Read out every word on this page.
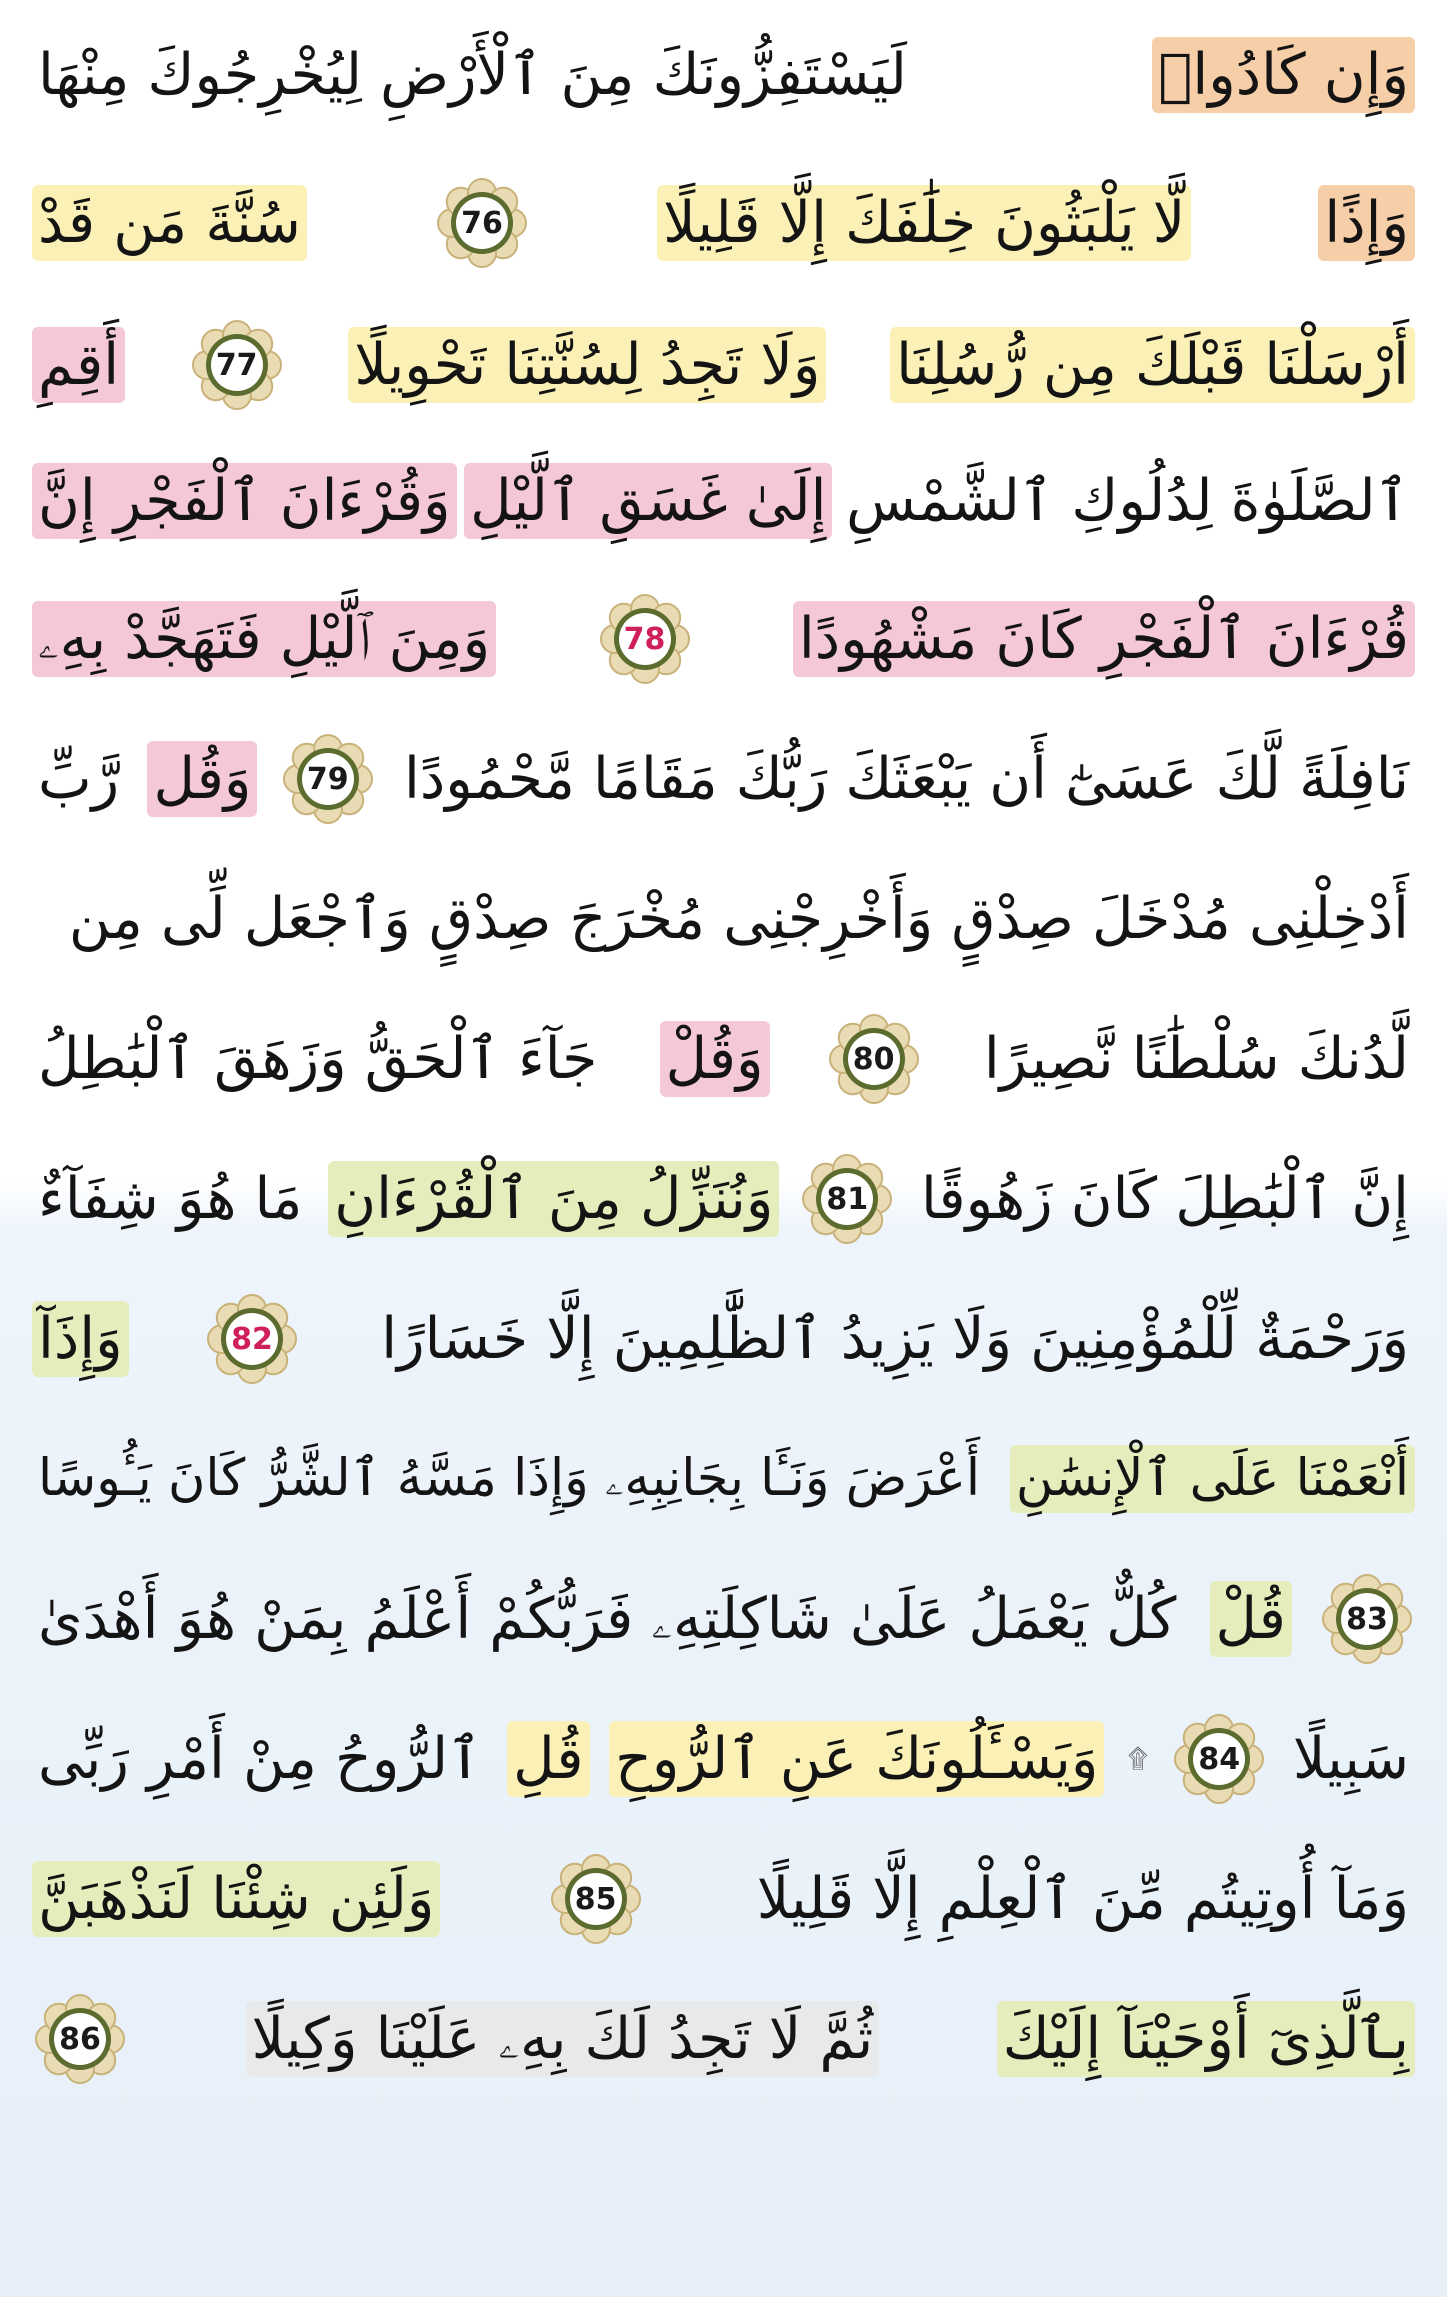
وَإِن كَادُوا۟
لَيَسْتَفِزُّونَكَ مِنَ ٱلْأَرْضِ لِيُخْرِجُوكَ مِنْهَا
وَإِذًا
لَّا يَلْبَثُونَ خِلَٰفَكَ إِلَّا قَلِيلًا
76
سُنَّةَ مَن قَدْ
أَرْسَلْنَا قَبْلَكَ مِن رُّسُلِنَا
وَلَا تَجِدُ لِسُنَّتِنَا تَحْوِيلًا
77
أَقِمِ
ٱلصَّلَوٰةَ لِدُلُوكِ ٱلشَّمْسِ
إِلَىٰ غَسَقِ ٱلَّيْلِ
وَقُرْءَانَ ٱلْفَجْرِ إِنَّ
قُرْءَانَ ٱلْفَجْرِ كَانَ مَشْهُودًا
78
وَمِنَ ٱلَّيْلِ فَتَهَجَّدْ بِهِۦ
نَافِلَةً لَّكَ عَسَىٰٓ أَن يَبْعَثَكَ رَبُّكَ مَقَامًا مَّحْمُودًا
79
وَقُل
رَّبِّ
أَدْخِلْنِى مُدْخَلَ صِدْقٍ وَأَخْرِجْنِى مُخْرَجَ صِدْقٍ وَٱجْعَل لِّى مِن
لَّدُنكَ سُلْطَٰنًا نَّصِيرًا
80
وَقُلْ
جَآءَ ٱلْحَقُّ وَزَهَقَ ٱلْبَٰطِلُ
إِنَّ ٱلْبَٰطِلَ كَانَ زَهُوقًا
81
وَنُنَزِّلُ مِنَ ٱلْقُرْءَانِ
مَا هُوَ شِفَآءٌ
وَرَحْمَةٌ لِّلْمُؤْمِنِينَ وَلَا يَزِيدُ ٱلظَّٰلِمِينَ إِلَّا خَسَارًا
82
وَإِذَآ
أَنْعَمْنَا عَلَى ٱلْإِنسَٰنِ
أَعْرَضَ وَنَـَٔا بِجَانِبِهِۦ وَإِذَا مَسَّهُ ٱلشَّرُّ كَانَ يَـُٔوسًا
83
قُلْ
كُلٌّ يَعْمَلُ عَلَىٰ شَاكِلَتِهِۦ فَرَبُّكُمْ أَعْلَمُ بِمَنْ هُوَ أَهْدَىٰ
سَبِيلًا
84
۩
وَيَسْـَٔلُونَكَ عَنِ ٱلرُّوحِ
قُلِ
ٱلرُّوحُ مِنْ أَمْرِ رَبِّى
وَمَآ أُوتِيتُم مِّنَ ٱلْعِلْمِ إِلَّا قَلِيلًا
85
وَلَئِن شِئْنَا لَنَذْهَبَنَّ
بِٱلَّذِىٓ أَوْحَيْنَآ إِلَيْكَ
ثُمَّ لَا تَجِدُ لَكَ بِهِۦ عَلَيْنَا وَكِيلًا
86
